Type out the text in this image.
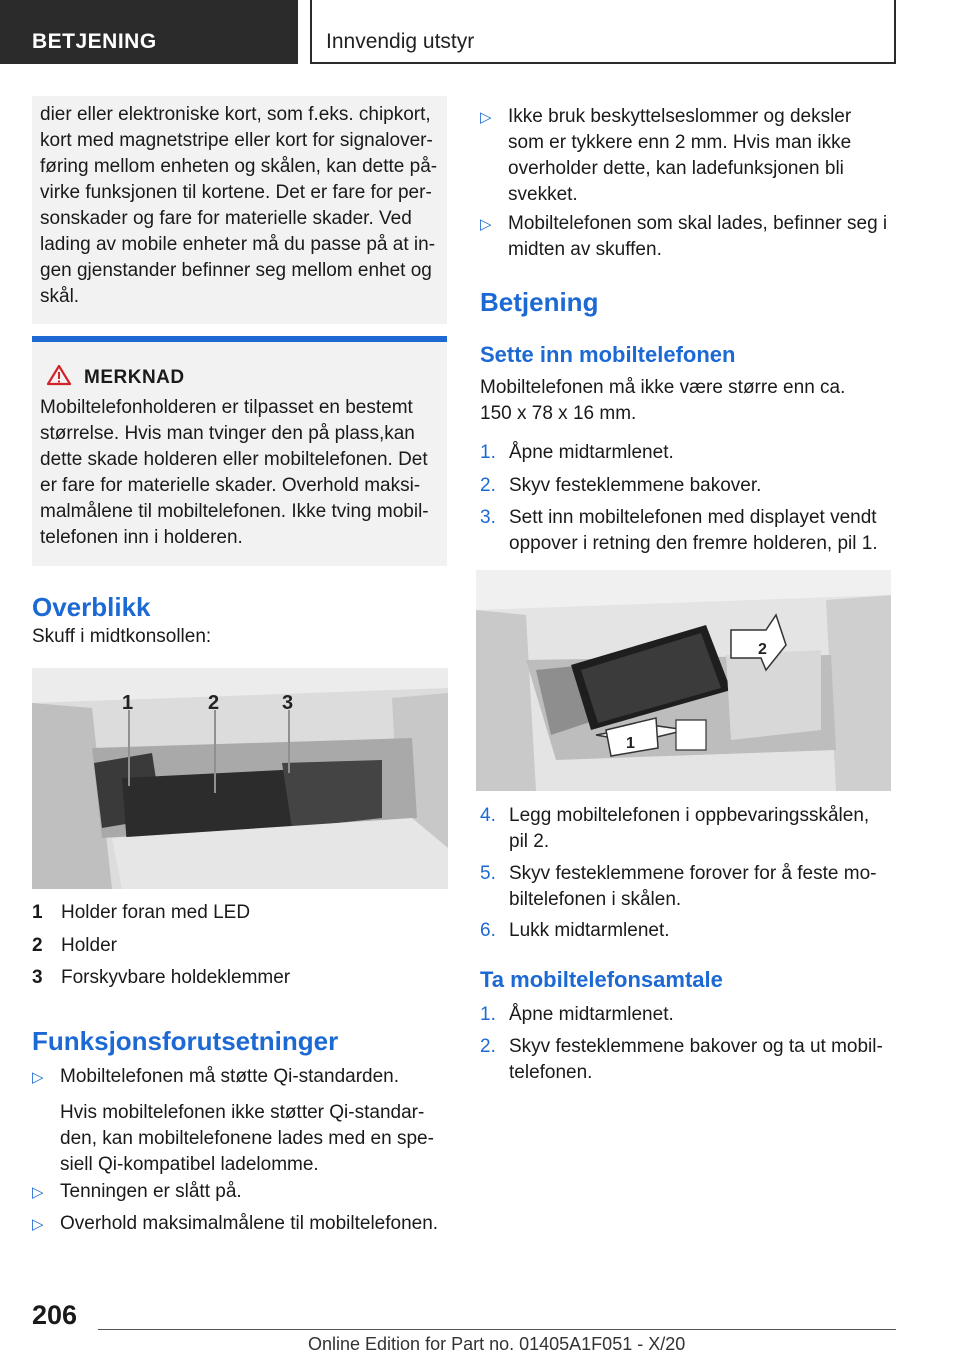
BETJENING	Innvendig utstyr
dier eller elektroniske kort, som f.eks. chipkort,
kort med magnetstripe eller kort for signalover-
føring mellom enheten og skålen, kan dette på-
virke funksjonen til kortene. Det er fare for per-
sonskader og fare for materielle skader. Ved
lading av mobile enheter må du passe på at in-
gen gjenstander befinner seg mellom enhet og
skål.
MERKNAD
Mobiltelefonholderen er tilpasset en bestemt
størrelse. Hvis man tvinger den på plass,kan
dette skade holderen eller mobiltelefonen. Det
er fare for materielle skader. Overhold maksi-
malmålene til mobiltelefonen. Ikke tving mobil-
telefonen inn i holderen.
Overblikk
Skuff i midtkonsollen:
1	2	3
1 Holder foran med LED
2 Holder
3 Forskyvbare holdeklemmer
Funksjonsforutsetninger
▷ Mobiltelefonen må støtte Qi-standarden.
Hvis mobiltelefonen ikke støtter Qi-standar-
den, kan mobiltelefonene lades med en spe-
siell Qi-kompatibel ladelomme.
▷ Tenningen er slått på.
▷ Overhold maksimalmålene til mobiltelefonen.
▷ Ikke bruk beskyttelseslommer og deksler
som er tykkere enn 2 mm. Hvis man ikke
overholder dette, kan ladefunksjonen bli
svekket.
▷ Mobiltelefonen som skal lades, befinner seg i
midten av skuffen.
Betjening
Sette inn mobiltelefonen
Mobiltelefonen må ikke være større enn ca.
150 x 78 x 16 mm.
1. Åpne midtarmlenet.
2. Skyv festeklemmene bakover.
3. Sett inn mobiltelefonen med displayet vendt
oppover i retning den fremre holderen, pil 1.
1
2
4. Legg mobiltelefonen i oppbevaringsskålen,
pil 2.
5. Skyv festeklemmene forover for å feste mo-
biltelefonen i skålen.
6. Lukk midtarmlenet.
Ta mobiltelefonsamtale
1. Åpne midtarmlenet.
2. Skyv festeklemmene bakover og ta ut mobil-
telefonen.
206
Online Edition for Part no. 01405A1F051 - X/20
